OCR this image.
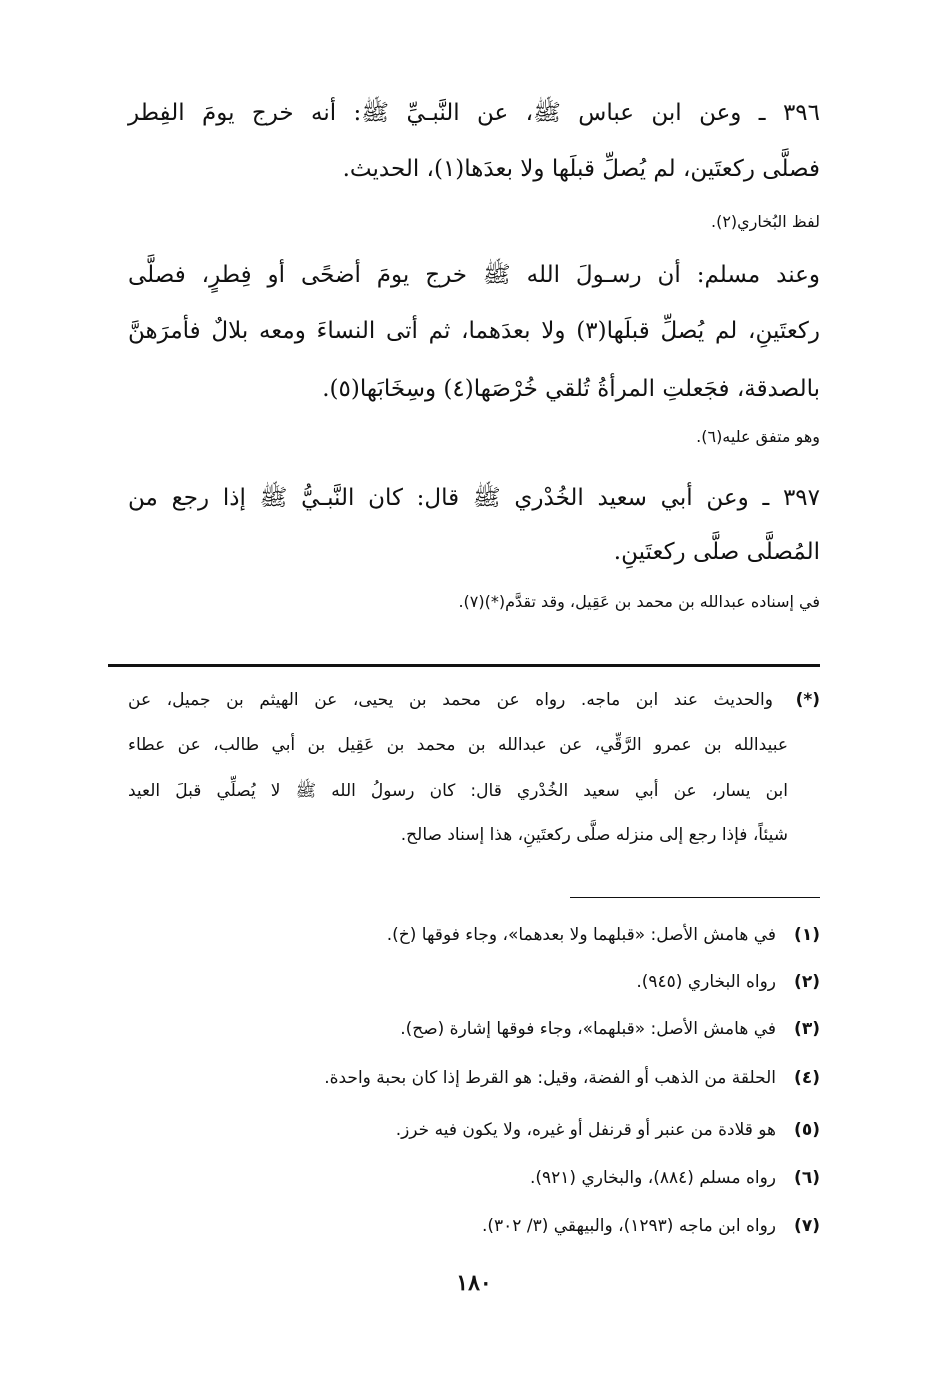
٣٩٦ ـ وعن ابن عباس ﷺ، عن النَّبـيِّ ﷺ: أنه خرج يومَ الفِطر
فصلَّى ركعتَين، لم يُصلِّ قبلَها ولا بعدَها(١)، الحديث.
لفظ البُخاري(٢).
وعند مسلم: أن رسـولَ الله ﷺ خرج يومَ أضحًى أو فِطرٍ، فصلَّى
ركعتَينِ، لم يُصلِّ قبلَها(٣) ولا بعدَهما، ثم أتى النساءَ ومعه بلالٌ فأمرَهنَّ
بالصدقة، فجَعلتِ المرأةُ تُلقي خُرْصَها(٤) وسِخَابَها(٥).
وهو متفق عليه(٦).
٣٩٧ ـ وعن أبي سعيد الخُدْري ﷺ قال: كان النَّبـيُّ ﷺ إذا رجع من
المُصلَّى صلَّى ركعتَينِ.
في إسناده عبدالله بن محمد بن عَقِيل، وقد تقدَّم(*)(٧).
(*)
والحديث عند ابن ماجه. رواه عن محمد بن يحيى، عن الهيثم بن جميل، عن
عبيدالله بن عمرو الرَّقِّي، عن عبدالله بن محمد بن عَقِيل بن أبي طالب، عن عطاء
ابن يسار، عن أبي سعيد الخُدْري قال: كان رسولُ الله ﷺ لا يُصلِّي قبلَ العيد
شيئاً، فإذا رجع إلى منزله صلَّى ركعتَينِ، هذا إسناد صالح.
(١)في هامش الأصل: «قبلهما ولا بعدهما»، وجاء فوقها (خ).
(٢)رواه البخاري (٩٤٥).
(٣)في هامش الأصل: «قبلهما»، وجاء فوقها إشارة (صح).
(٤)الحلقة من الذهب أو الفضة، وقيل: هو القرط إذا كان بحبة واحدة.
(٥)هو قلادة من عنبر أو قرنفل أو غيره، ولا يكون فيه خرز.
(٦)رواه مسلم (٨٨٤)، والبخاري (٩٢١).
(٧)رواه ابن ماجه (١٢٩٣)، والبيهقي (٣/ ٣٠٢).
١٨٠
